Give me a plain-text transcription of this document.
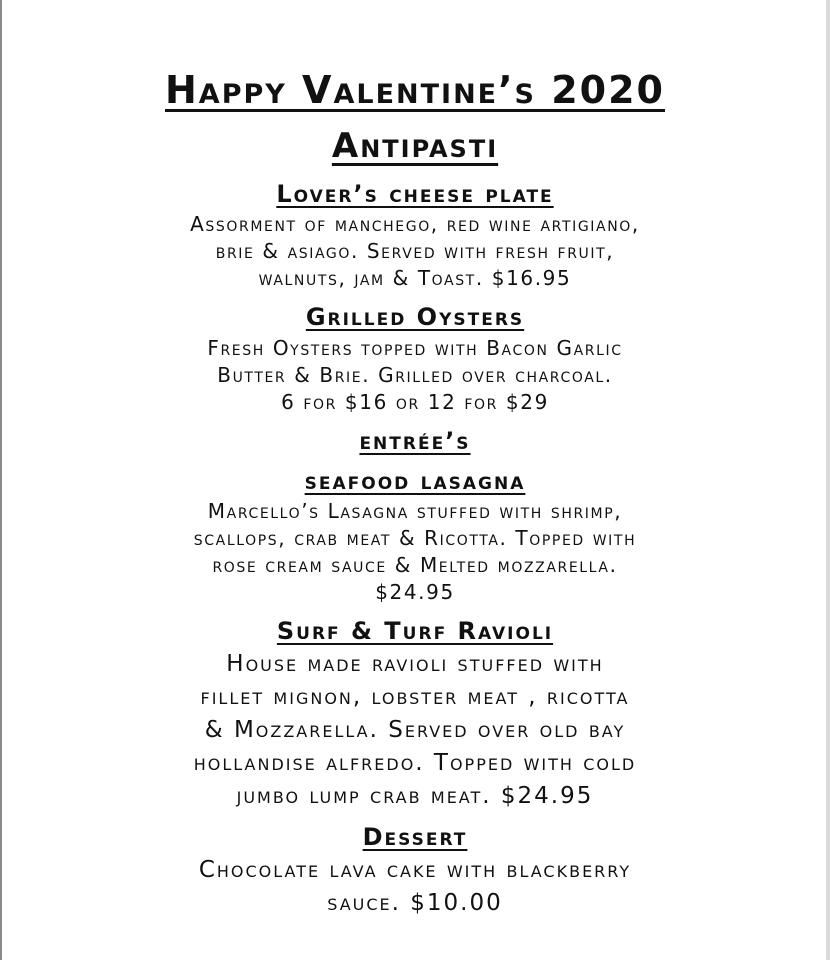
Happy Valentine’s 2020
Antipasti
Lover’s cheese plate
Assorment of manchego, red wine artigiano,
brie & asiago. Served with fresh fruit,
walnuts, jam & Toast. $16.95
Grilled Oysters
Fresh Oysters topped with Bacon Garlic
Butter & Brie. Grilled over charcoal.
6 for $16 or 12 for $29
entrée’s
seafood lasagna
Marcello’s Lasagna stuffed with shrimp,
scallops, crab meat & Ricotta. Topped with
rose cream sauce & Melted mozzarella.
$24.95
Surf & Turf Ravioli
House made ravioli stuffed with
fillet mignon, lobster meat , ricotta
& Mozzarella. Served over old bay
hollandise alfredo. Topped with cold
jumbo lump crab meat. $24.95
Dessert
Chocolate lava cake with blackberry
sauce. $10.00
